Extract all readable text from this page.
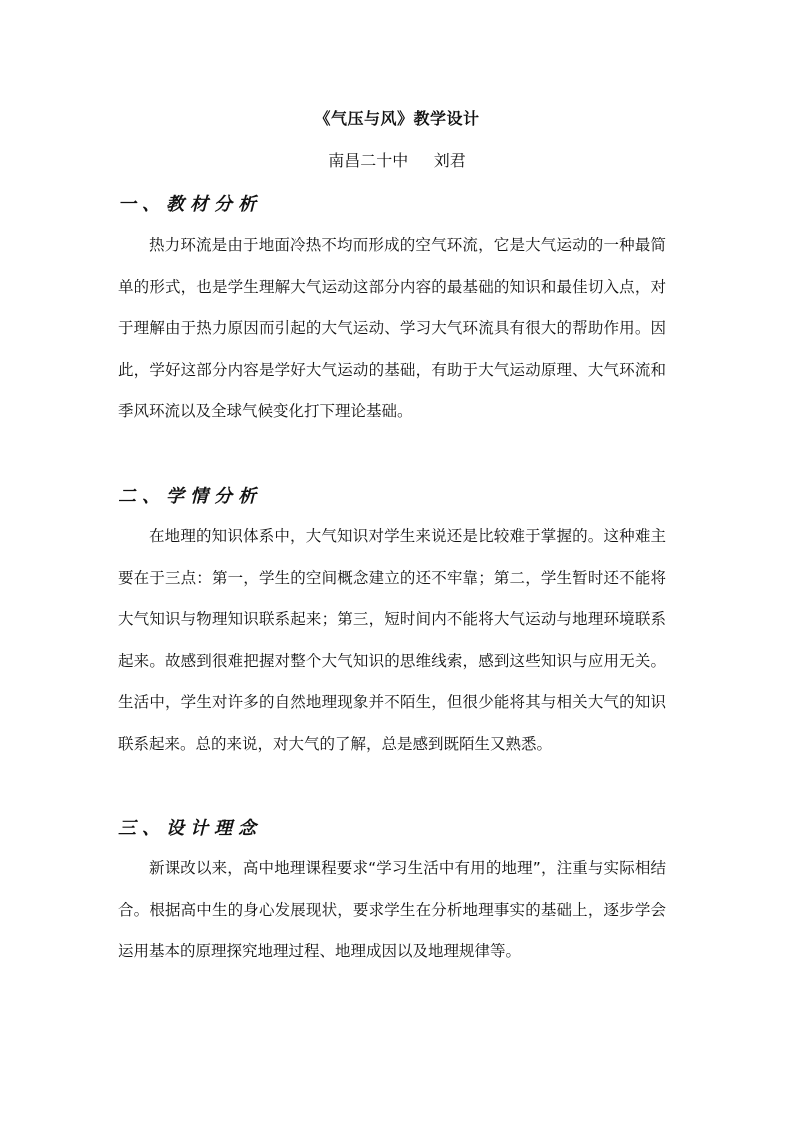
《气压与风》教学设计
南昌二十中     刘君
一、教材分析

热力环流是由于地面冷热不均而形成的空气环流，它是大气运动的一种最简单的形式，也是学生理解大气运动这部分内容的最基础的知识和最佳切入点，对于理解由于热力原因而引起的大气运动、学习大气环流具有很大的帮助作用。因此，学好这部分内容是学好大气运动的基础，有助于大气运动原理、大气环流和季风环流以及全球气候变化打下理论基础。

二、学情分析

在地理的知识体系中，大气知识对学生来说还是比较难于掌握的。这种难主要在于三点：第一，学生的空间概念建立的还不牢靠；第二，学生暂时还不能将大气知识与物理知识联系起来；第三，短时间内不能将大气运动与地理环境联系起来。故感到很难把握对整个大气知识的思维线索，感到这些知识与应用无关。生活中，学生对许多的自然地理现象并不陌生，但很少能将其与相关大气的知识联系起来。总的来说，对大气的了解，总是感到既陌生又熟悉。

三、设计理念

新课改以来，高中地理课程要求“学习生活中有用的地理”，注重与实际相结合。根据高中生的身心发展现状，要求学生在分析地理事实的基础上，逐步学会运用基本的原理探究地理过程、地理成因以及地理规律等。
